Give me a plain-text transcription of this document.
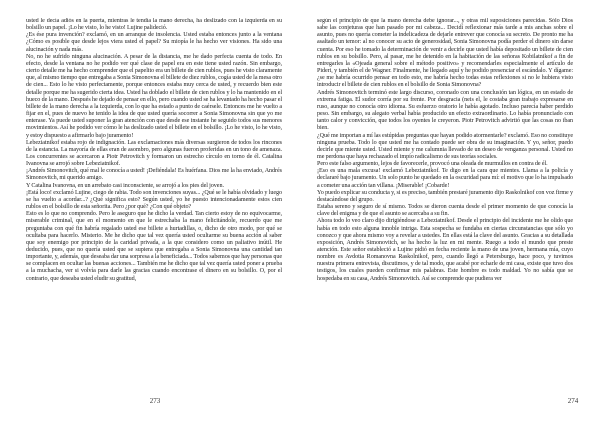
usted le decía adiós en la puerta, mientras le tendía la mano derecha, ha deslizado con la izquierda en su bolsillo un papel. ¡Lo he visto, lo he visto! Lujine palideció.

¿Es ése pura invención? exclamó, en un arranque de insolencia. Usted estaba entonces junto a la ventana ¿Cómo es posible que desde lejos viera usted el papel? Su miopía le ha hecho ver visiones. Ha sido una alucinación y nada más.

No, no he sufrido ninguna alucinación. A pesar de la distancia, me he dado perfecta cuenta de todo. En efecto, desde la ventana no he podido ver qué clase de papel era en este tiene usted razón. Sin embargo, cierto detalle me ha hecho comprender que el papelito era un billete de cien rublos, pues he visto claramente que, al mismo tiempo que entregaba a Sonia Simonovna el billete de diez rublos, cogía usted de la mesa otro de cien... Esto lo he visto perfectamente, porque entonces estaba muy cerca de usted, y recuerdo bien este detalle porque me ha sugerido cierta idea. Usted ha doblado el billete de cien rublos y lo ha mantenido en el hueco de la mano. Después he dejado de pensar en ello, pero cuando usted se ha levantado ha hecho pasar el billete de la mano derecha a la izquierda, con lo que ha estado a punto de caérsele. Entonces me he vuelto a fijar en el, pues de nuevo he tenido la idea de que usted quería socorrer a Sonia Simonovna sin que yo me enterase. Ya puede usted suponer la gran atención con que desde ese instante he seguido todos sus menores movimientos. Así he podido ver cómo le ha deslizado usted el billete en el bolsillo. ¡Lo he visto, lo he visto, y estoy dispuesto a afirmarlo bajo juramento!

Lebeziatnikof estaba rojo de indignación. Las exclamaciones más diversas surgieron de todos los rincones de la estancia. La mayoría de ellas eran de asombro, pero algunas fueron proferidas en un tono de amenaza. Los concurrentes se acercaron a Piotr Petrovitch y formaron un estrecho círculo en torno de él. Catalina Ivanovna se arrojó sobre Lebeziatnikof.

¡Andrés Simonovitch, qué mal le conocía a usted! ¡Defiéndala! Es huérfana. Dios me la ha enviado, Andrés Simonovitch, mi querido amigo.

Y Catalina Ivanovna, en un arrebato casi inconsciente, se arrojó a los pies del joven.

¡Está loco! exclamó Lujine, ciego de rabia. Todo son invenciones suyas... ¿Qué se le había olvidado y luego se ha vuelto a acordar...? ¿Qué significa esto? Según usted, yo he puesto intencionadamente estos cien rublos en el bolsillo de esta señorita. Pero ¿por qué? ¿Con qué objeto?

Esto es lo que no comprendo. Pero le aseguro que he dicho la verdad. Tan cierto estoy de no equivocarme, miserable criminal, que en el momento en que le estrechaba la mano felicitándole, recuerdo que me preguntaba con qué fin habría regalado usted ese billete a hurtadillas, o, dicho de otro modo, por qué se ocultaba para hacerlo. Misterio. Me he dicho que tal vez quería usted ocultarme su buena acción al saber que soy enemigo por principio de la caridad privada, a la que considero como un paliativo inútil. He deducido, pues, que no quería usted que se supiera que entregaba a Sonia Simonovna una cantidad tan importante, y, además, que deseaba dar una sorpresa a la beneficiada... Todos sabemos que hay personas que se complacen en ocultar las buenas acciones... También me he dicho que tal vez quería usted poner a prueba a la muchacha, ver si volvía para darle las gracias cuando encontrase el dinero en su bolsillo. O, por el contrario, que deseaba usted eludir su gratitud,

según el principio de que la mano derecha debe ignorar..., y otras mil suposiciones parecidas. Sólo Dios sabe las conjeturas que han pasado por mi cabeza... Decidí reflexionar más tarde a mis anchas sobre el asunto, pues no quería cometer la indelicadeza de dejarle entrever que conocía su secreto. De pronto me ha asaltado un temor: al no conocer su acto de generosidad, Sonia Simonovna podía perder el dinero sin darse cuenta. Por eso he tomado la determinación de venir a decirle que usted había depositado un billete de cien rublos en su bolsillo. Pero, al pasar, me he detenido en la habitación de las señoras Kobilatnikof a fin de entregarles la «Ojeada general sobre el método positivo» y recomendarles especialmente el artículo de Pideri, y también el de Wagner. Finalmente, he llegado aquí y he podido presenciar el escándalo. Y dígame: ¿se me habría ocurrido pensar en todo esto, me habría hecho todas estas reflexiones si no le hubiera visto introducir el billete de cien rublos en el bolsillo de Sonia Simonovna?

Andrés Simonovitch terminó este largo discurso, coronado con una conclusión tan lógica, en un estado de extrema fatiga. El sudor corría por su frente. Por desgracia (neis el, le costaba gran trabajo expresarse en ruso, aunque no conocía otro idioma. Su esfuerzo oratorio le había agotado. Incluso parecía haber perdido peso. Sin embargo, su alegato verbal había producido un efecto extraordinario. Lo había pronunciado con tanto calor y convicción, que todos los oyentes le creyeron. Piotr Petrovitch advirtió que las cosas no iban bien.

¿Qué me importan a mí las estúpidas preguntas que hayan podido atormentarle? exclamó. Eso no constituye ninguna prueba. Todo lo que usted me ha contado puede ser obra de su imaginación. Y yo, señor, puedo decirle que miente usted. Usted miente y me calumnia llevado de un deseo de venganza personal. Usted no me perdona que haya rechazado el impío radicalismo de sus teorías sociales.

Pero este falso argumento, lejos de favorecerle, provocó una oleada de murmullos en contra de él.

¡Eso es una mala excusa! exclamó Lebeziatnikof. Te digo en la cara que mientes. Llama a la policía y declararé bajo juramento. Un solo punto he quedado en la oscuridad para mí: el motivo que lo ha impulsado a cometer una acción tan villana. ¡Miserable! ¡Cobarde!

Yo puedo explicar su conducta y, si es preciso, también prestaré juramento dijo Raskolnikof con voz firme y destacándose del grupo.

Estaba sereno y seguro de sí mismo. Todos se dieron cuenta desde el primer momento de que conocía la clave del enigma y de que el asunto se acercaba a su fin.

Ahora todo lo veo claro dijo dirigiéndose a Lebeziatnikof. Desde el principio del incidente me he olido que había en todo esto alguna innoble intriga. Esta sospecha se fundaba en ciertas circunstancias que sólo yo conozco y que ahora mismo voy a revelar a ustedes. En ellas está la clave del asunto. Gracias a su detallada exposición, Andrés Simonovitch, se ha hecho la luz en mi mente. Ruego a todo el mundo que preste atención. Este señor estableció a Lujine pidió en fecha reciente la mano de una joven, hermana mía, cuyo nombre es Avdotia Romanovna Raskolnikof, pero, cuando llegó a Petersburgo, hace poco, y tuvimos nuestra primera entrevista, discutimos, y de tal modo, que acabé por echarle de mi casa, existe que tuvo dos testigos, los cuales pueden confirmar mis palabras. Este hombre es todo maldad. Yo no sabía que se hospedaba en su casa, Andrés Simonovitch. Así se comprende que pudiera ver

273	274
